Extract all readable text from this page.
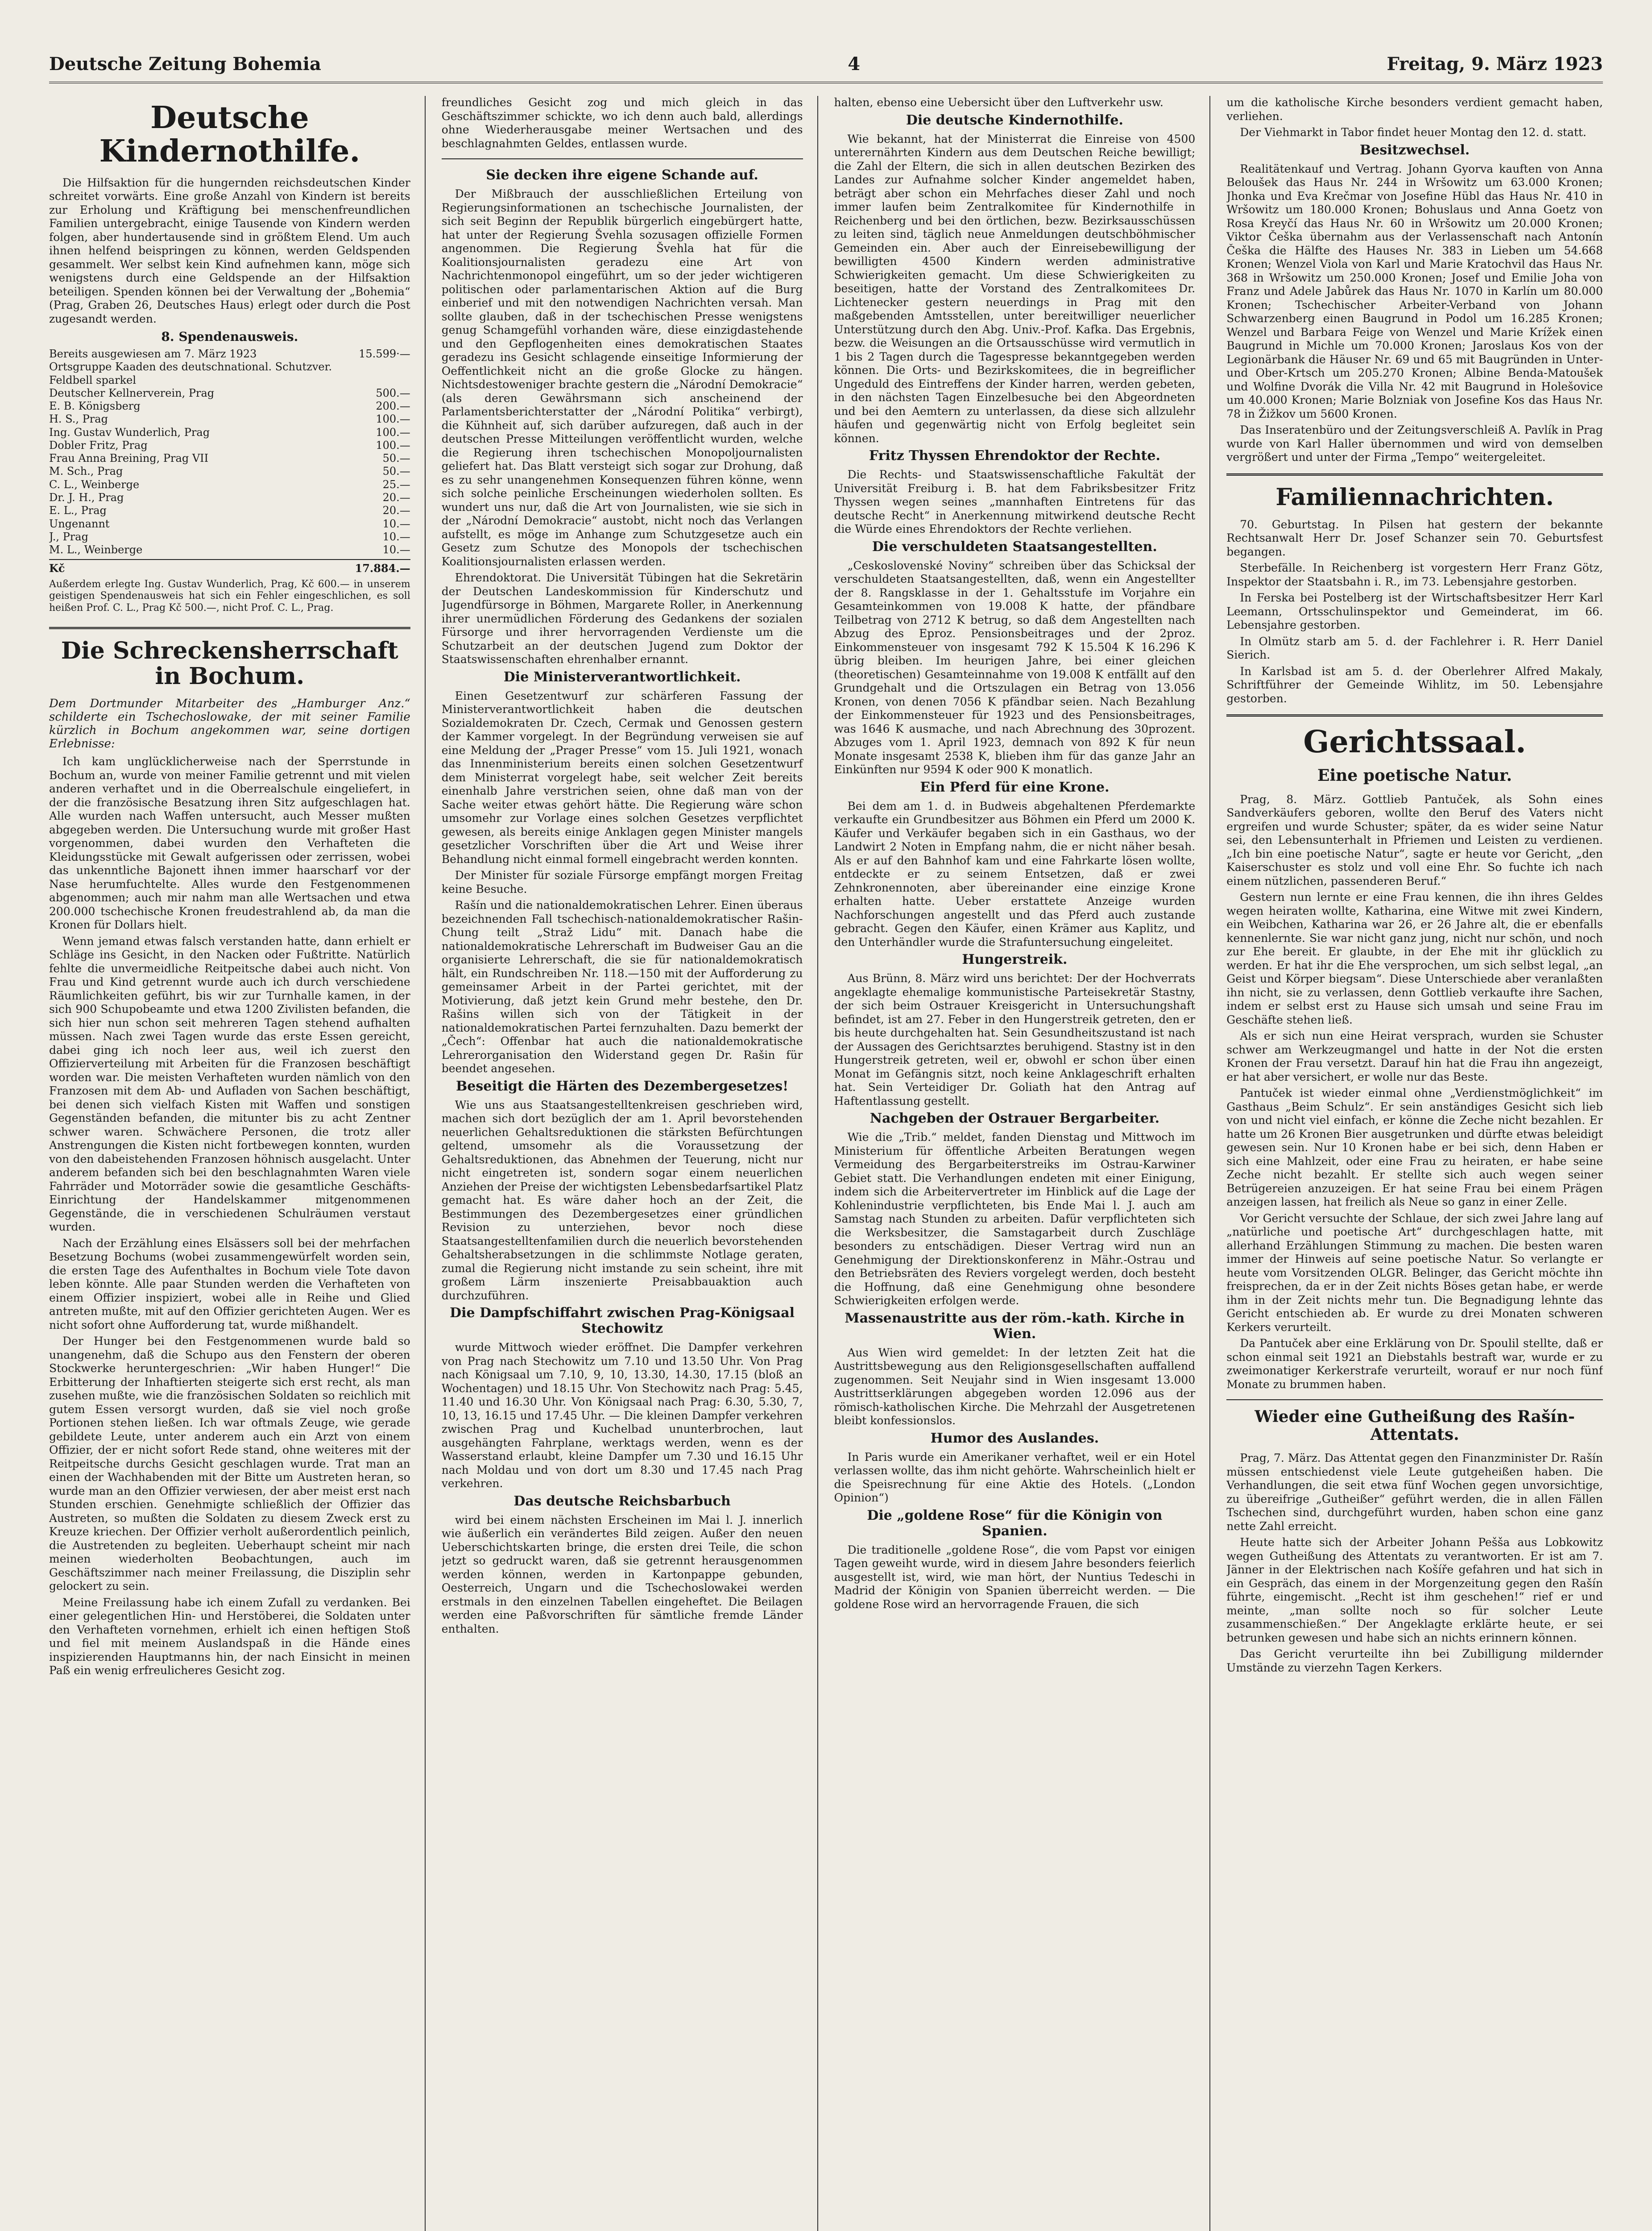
Deutsche Zeitung Bohemia	4	Freitag, 9. März 1923
Deutsche Kindernothilfe.

Die Hilfsaktion für die hungernden reichsdeutschen Kinder schreitet vorwärts. Eine große Anzahl von Kindern ist bereits zur Erholung und Kräftigung bei menschenfreundlichen Familien untergebracht, einige Tausende von Kindern werden folgen, aber hundertausende sind in größtem Elend. Um auch ihnen helfend beispringen zu können, werden Geldspenden gesammelt. Wer selbst kein Kind aufnehmen kann, möge sich wenigstens durch eine Geldspende an der Hilfsaktion beteiligen. Spenden können bei der Verwaltung der „Bohemia“ (Prag, Graben 26, Deutsches Haus) erlegt oder durch die Post zugesandt werden.

8. Spendenausweis.
Bereits ausgewiesen am 7. März 1923	15.599·—
Ortsgruppe Kaaden des deutschnational. Schutzver.
Feldbell sparkel
Deutscher Kellnerverein, Prag	500.—
E. B. Königsberg	200.—
H. S., Prag	100.—
Ing. Gustav Wunderlich, Prag	100.—
Dobler Fritz, Prag	100.—
Frau Anna Breining, Prag VII	50.—
M. Sch., Prag	50.—
C. L., Weinberge	25.—
Dr. J. H., Prag	20.—
E. L., Prag	20.—
Ungenannt	10.—
J., Prag	10.—
M. L., Weinberge	10.—
Kč	17.884.—

Außerdem erlegte Ing. Gustav Wunderlich, Prag, Kč 600.— in unserem geistigen Spendenausweis hat sich ein Fehler eingeschlichen, es soll heißen Prof. C. L., Prag Kč 500.—, nicht Prof. C. L., Prag.

Die Schreckensherrschaft in Bochum.
Dem Dortmunder Mitarbeiter des „Hamburger Anz.“ schilderte ein Tschechoslowake, der mit seiner Familie kürzlich in Bochum angekommen war, seine dortigen Erlebnisse:

Ich kam unglücklicherweise nach der Sperrstunde in Bochum an, wurde von meiner Familie getrennt und mit vielen anderen verhaftet und in die Oberrealschule eingeliefert, in der die französische Besatzung ihren Sitz aufgeschlagen hat. Alle wurden nach Waffen untersucht, auch Messer mußten abgegeben werden. Die Untersuchung wurde mit großer Hast vorgenommen, dabei wurden den Verhafteten die Kleidungsstücke mit Gewalt aufgerissen oder zerrissen, wobei das unkenntliche Bajonett ihnen immer haarscharf vor der Nase herumfuchtelte. Alles wurde den Festgenommenen abgenommen; auch mir nahm man alle Wertsachen und etwa 200.000 tschechische Kronen freudestrahlend ab, da man die Kronen für Dollars hielt.

Wenn jemand etwas falsch verstanden hatte, dann erhielt er Schläge ins Gesicht, in den Nacken oder Fußtritte. Natürlich fehlte die unvermeidliche Reitpeitsche dabei auch nicht. Von Frau und Kind getrennt wurde auch ich durch verschiedene Räumlichkeiten geführt, bis wir zur Turnhalle kamen, in der sich 900 Schupobeamte und etwa 1200 Zivilisten befanden, die sich hier nun schon seit mehreren Tagen stehend aufhalten müssen. Nach zwei Tagen wurde das erste Essen gereicht, dabei ging ich noch leer aus, weil ich zuerst den Offizierverteilung mit Arbeiten für die Franzosen beschäftigt worden war. Die meisten Verhafteten wurden nämlich von den Franzosen mit dem Ab- und Aufladen von Sachen beschäftigt, bei denen sich vielfach Kisten mit Waffen und sonstigen Gegenständen befanden, die mitunter bis zu acht Zentner schwer waren. Schwächere Personen, die trotz aller Anstrengungen die Kisten nicht fortbewegen konnten, wurden von den dabeistehenden Franzosen höhnisch ausgelacht. Unter anderem befanden sich bei den beschlagnahmten Waren viele Fahrräder und Motorräder sowie die gesamtliche Geschäfts-Einrichtung der Handelskammer mitgenommenen Gegenstände, die in verschiedenen Schulräumen verstaut wurden.

Nach der Erzählung eines Elsässers soll bei der mehrfachen Besetzung Bochums (wobei zusammengewürfelt worden sein, die ersten Tage des Aufenthaltes in Bochum viele Tote davon leben könnte. Alle paar Stunden werden die Verhafteten von einem Offizier inspiziert, wobei alle in Reihe und Glied antreten mußte, mit auf den Offizier gerichteten Augen. Wer es nicht sofort ohne Aufforderung tat, wurde mißhandelt.

Der Hunger bei den Festgenommenen wurde bald so unangenehm, daß die Schupo aus den Fenstern der oberen Stockwerke heruntergeschrien: „Wir haben Hunger!“ Die Erbitterung der Inhaftierten steigerte sich erst recht, als man zusehen mußte, wie die französischen Soldaten so reichlich mit gutem Essen versorgt wurden, daß sie viel noch große Portionen stehen ließen. Ich war oftmals Zeuge, wie gerade gebildete Leute, unter anderem auch ein Arzt von einem Offizier, der er nicht sofort Rede stand, ohne weiteres mit der Reitpeitsche durchs Gesicht geschlagen wurde. Trat man an einen der Wachhabenden mit der Bitte um Austreten heran, so wurde man an den Offizier verwiesen, der aber meist erst nach Stunden erschien. Genehmigte schließlich der Offizier das Austreten, so mußten die Soldaten zu diesem Zweck erst zu Kreuze kriechen. Der Offizier verholt außerordentlich peinlich, die Austretenden zu begleiten. Ueberhaupt scheint mir nach meinen wiederholten Beobachtungen, auch im Geschäftszimmer nach meiner Freilassung, die Disziplin sehr gelockert zu sein.

Meine Freilassung habe ich einem Zufall zu verdanken. Bei einer gelegentlichen Hin- und Herstöberei, die Soldaten unter den Verhafteten vornehmen, erhielt ich einen heftigen Stoß und fiel mit meinem Auslandspaß in die Hände eines inspizierenden Hauptmanns hin, der nach Einsicht in meinen Paß ein wenig erfreulicheres Gesicht zog.

freundliches Gesicht zog und mich gleich in das Geschäftszimmer schickte, wo ich denn auch bald, allerdings ohne Wiederherausgabe meiner Wertsachen und des beschlagnahmten Geldes, entlassen wurde.

Sie decken ihre eigene Schande auf.

Der Mißbrauch der ausschließlichen Erteilung von Regierungsinformationen an tschechische Journalisten, der sich seit Beginn der Republik bürgerlich eingebürgert hatte, hat unter der Regierung Švehla sozusagen offizielle Formen angenommen. Die Regierung Švehla hat für die Koalitionsjournalisten geradezu eine Art von Nachrichtenmonopol eingeführt, um so der jeder wichtigeren politischen oder parlamentarischen Aktion auf die Burg einberief und mit den notwendigen Nachrichten versah. Man sollte glauben, daß in der tschechischen Presse wenigstens genug Schamgefühl vorhanden wäre, diese einzigdastehende und den Gepflogenheiten eines demokratischen Staates geradezu ins Gesicht schlagende einseitige Informierung der Oeffentlichkeit nicht an die große Glocke zu hängen. Nichtsdestoweniger brachte gestern die „Národní Demokracie“ (als deren Gewährsmann sich anscheinend der Parlamentsberichterstatter der „Národní Politika“ verbirgt), die Kühnheit auf, sich darüber aufzuregen, daß auch in der deutschen Presse Mitteilungen veröffentlicht wurden, welche die Regierung ihren tschechischen Monopoljournalisten geliefert hat. Das Blatt versteigt sich sogar zur Drohung, daß es zu sehr unangenehmen Konsequenzen führen könne, wenn sich solche peinliche Erscheinungen wiederholen sollten. Es wundert uns nur, daß die Art von Journalisten, wie sie sich in der „Národní Demokracie“ austobt, nicht noch das Verlangen aufstellt, es möge im Anhange zum Schutzgesetze auch ein Gesetz zum Schutze des Monopols der tschechischen Koalitionsjournalisten erlassen werden.

Ehrendoktorat. Die Universität Tübingen hat die Sekretärin der Deutschen Landeskommission für Kinderschutz und Jugendfürsorge in Böhmen, Margarete Roller, in Anerkennung ihrer unermüdlichen Förderung des Gedankens der sozialen Fürsorge und ihrer hervorragenden Verdienste um die Schutzarbeit an der deutschen Jugend zum Doktor der Staatswissenschaften ehrenhalber ernannt.

Die Ministerverantwortlichkeit.

Einen Gesetzentwurf zur schärferen Fassung der Ministerverantwortlichkeit haben die deutschen Sozialdemokraten Dr. Czech, Cermak und Genossen gestern der Kammer vorgelegt. In der Begründung verweisen sie auf eine Meldung der „Prager Presse“ vom 15. Juli 1921, wonach das Innenministerium bereits einen solchen Gesetzentwurf dem Ministerrat vorgelegt habe, seit welcher Zeit bereits einenhalb Jahre verstrichen seien, ohne daß man von der Sache weiter etwas gehört hätte. Die Regierung wäre schon umsomehr zur Vorlage eines solchen Gesetzes verpflichtet gewesen, als bereits einige Anklagen gegen Minister mangels gesetzlicher Vorschriften über die Art und Weise ihrer Behandlung nicht einmal formell eingebracht werden konnten.

Der Minister für soziale Fürsorge empfängt morgen Freitag keine Besuche.

Rašín und die nationaldemokratischen Lehrer. Einen überaus bezeichnenden Fall tschechisch-nationaldemokratischer Rašin-Chung teilt „Straž Lidu“ mit. Danach habe die nationaldemokratische Lehrerschaft im Budweiser Gau an die organisierte Lehrerschaft, die sie für nationaldemokratisch hält, ein Rundschreiben Nr. 118.—150 mit der Aufforderung zu gemeinsamer Arbeit in der Partei gerichtet, mit der Motivierung, daß jetzt kein Grund mehr bestehe, den Dr. Rašins willen sich von der Tätigkeit in der nationaldemokratischen Partei fernzuhalten. Dazu bemerkt der „Čech“: Offenbar hat auch die nationaldemokratische Lehrerorganisation den Widerstand gegen Dr. Rašin für beendet angesehen.

Beseitigt die Härten des Dezembergesetzes!

Wie uns aus Staatsangestelltenkreisen geschrieben wird, machen sich dort bezüglich der am 1. April bevorstehenden neuerlichen Gehaltsreduktionen die stärksten Befürchtungen geltend, umsomehr als die Voraussetzung der Gehaltsreduktionen, das Abnehmen der Teuerung, nicht nur nicht eingetreten ist, sondern sogar einem neuerlichen Anziehen der Preise der wichtigsten Lebensbedarfsartikel Platz gemacht hat. Es wäre daher hoch an der Zeit, die Bestimmungen des Dezembergesetzes einer gründlichen Revision zu unterziehen, bevor noch diese Staatsangestelltenfamilien durch die neuerlich bevorstehenden Gehaltsherabsetzungen in die schlimmste Notlage geraten, zumal die Regierung nicht imstande zu sein scheint, ihre mit großem Lärm inszenierte Preisabbauaktion auch durchzuführen.

Die Dampfschiffahrt zwischen Prag-Königsaal Stechowitz

wurde Mittwoch wieder eröffnet. Die Dampfer verkehren von Prag nach Stechowitz um 7.10 und 13.50 Uhr. Von Prag nach Königsaal um 7.10, 9, 10, 13.30, 14.30, 17.15 (bloß an Wochentagen) und 18.15 Uhr. Von Stechowitz nach Prag: 5.45, 11.40 und 16.30 Uhr. Von Königsaal nach Prag: 6.30, 5.30, 7, 10, 13, 16.15 und 17.45 Uhr. — Die kleinen Dampfer verkehren zwischen Prag und Kuchelbad ununterbrochen, laut ausgehängten Fahrplane, werktags werden, wenn es der Wasserstand erlaubt, kleine Dampfer um 7.30 und 16.15 Uhr nach Moldau und von dort um 8.30 und 17.45 nach Prag verkehren.

Das deutsche Reichsbarbuch

wird bei einem nächsten Erscheinen im Mai l. J. innerlich wie äußerlich ein verändertes Bild zeigen. Außer den neuen Ueberschichtskarten bringe, die ersten drei Teile, die schon jetzt so gedruckt waren, daß sie getrennt herausgenommen werden können, werden in Kartonpappe gebunden, Oesterreich, Ungarn und die Tschechoslowakei werden erstmals in den einzelnen Tabellen eingeheftet. Die Beilagen werden eine Paßvorschriften für sämtliche fremde Länder enthalten.

halten, ebenso eine Uebersicht über den Luftverkehr usw.

Die deutsche Kindernothilfe.

Wie bekannt, hat der Ministerrat die Einreise von 4500 unterernährten Kindern aus dem Deutschen Reiche bewilligt; die Zahl der Eltern, die sich in allen deutschen Bezirken des Landes zur Aufnahme solcher Kinder angemeldet haben, beträgt aber schon ein Mehrfaches dieser Zahl und noch immer laufen beim Zentralkomitee für Kindernothilfe in Reichenberg und bei den örtlichen, bezw. Bezirksausschüssen zu leiten sind, täglich neue Anmeldungen deutschböhmischer Gemeinden ein. Aber auch der Einreisebewilligung der bewilligten 4500 Kindern werden administrative Schwierigkeiten gemacht. Um diese Schwierigkeiten zu beseitigen, hatte der Vorstand des Zentralkomitees Dr. Lichtenecker gestern neuerdings in Prag mit den maßgebenden Amtsstellen, unter bereitwilliger neuerlicher Unterstützung durch den Abg. Univ.-Prof. Kafka. Das Ergebnis, bezw. die Weisungen an die Ortsausschüsse wird vermutlich in 1 bis 2 Tagen durch die Tagespresse bekanntgegeben werden können. Die Orts- und Bezirkskomitees, die in begreiflicher Ungeduld des Eintreffens der Kinder harren, werden gebeten, in den nächsten Tagen Einzelbesuche bei den Abgeordneten und bei den Aemtern zu unterlassen, da diese sich allzulehr häufen und gegenwärtig nicht von Erfolg begleitet sein können.

Fritz Thyssen Ehrendoktor der Rechte.

Die Rechts- und Staatswissenschaftliche Fakultät der Universität Freiburg i. B. hat dem Fabriksbesitzer Fritz Thyssen wegen seines „mannhaften Eintretens für das deutsche Recht“ in Anerkennung mitwirkend deutsche Recht die Würde eines Ehrendoktors der Rechte verliehen.

Die verschuldeten Staatsangestellten.

„Ceskoslovenské Noviny“ schreiben über das Schicksal der verschuldeten Staatsangestellten, daß, wenn ein Angestellter der 8. Rangsklasse in der 1. Gehaltsstufe im Vorjahre ein Gesamteinkommen von 19.008 K hatte, der pfändbare Teilbetrag von 2712 K betrug, so daß dem Angestellten nach Abzug des Eproz. Pensionsbeitrages und der 2proz. Einkommensteuer von insgesamt 792 K 15.504 K 16.296 K übrig bleiben. Im heurigen Jahre, bei einer gleichen (theoretischen) Gesamteinnahme von 19.008 K entfällt auf den Grundgehalt und die Ortszulagen ein Betrag von 13.056 Kronen, von denen 7056 K pfändbar seien. Nach Bezahlung der Einkommensteuer für 1923 und des Pensionsbeitrages, was 1646 K ausmache, und nach Abrechnung des 30prozent. Abzuges vom 1. April 1923, demnach von 892 K für neun Monate insgesamt 2538 K, blieben ihm für das ganze Jahr an Einkünften nur 9594 K oder 900 K monatlich.

Ein Pferd für eine Krone.

Bei dem am 1. d. in Budweis abgehaltenen Pferdemarkte verkaufte ein Grundbesitzer aus Böhmen ein Pferd um 2000 K. Käufer und Verkäufer begaben sich in ein Gasthaus, wo der Landwirt 2 Noten in Empfang nahm, die er nicht näher besah. Als er auf den Bahnhof kam und eine Fahrkarte lösen wollte, entdeckte er zu seinem Entsetzen, daß er zwei Zehnkronennoten, aber übereinander eine einzige Krone erhalten hatte. Ueber erstattete Anzeige wurden Nachforschungen angestellt und das Pferd auch zustande gebracht. Gegen den Käufer, einen Krämer aus Kaplitz, und den Unterhändler wurde die Strafuntersuchung eingeleitet.

Hungerstreik.

Aus Brünn, 8. März wird uns berichtet: Der der Hochverrats angeklagte ehemalige kommunistische Parteisekretär Stastny, der sich beim Ostrauer Kreisgericht in Untersuchungshaft befindet, ist am 27. Feber in den Hungerstreik getreten, den er bis heute durchgehalten hat. Sein Gesundheitszustand ist nach der Aussagen des Gerichtsarztes beruhigend. Stastny ist in den Hungerstreik getreten, weil er, obwohl er schon über einen Monat im Gefängnis sitzt, noch keine Anklageschrift erhalten hat. Sein Verteidiger Dr. Goliath hat den Antrag auf Haftentlassung gestellt.

Nachgeben der Ostrauer Bergarbeiter.

Wie die „Trib.“ meldet, fanden Dienstag und Mittwoch im Ministerium für öffentliche Arbeiten Beratungen wegen Vermeidung des Bergarbeiterstreiks im Ostrau-Karwiner Gebiet statt. Die Verhandlungen endeten mit einer Einigung, indem sich die Arbeitervertreter im Hinblick auf die Lage der Kohlenindustrie verpflichteten, bis Ende Mai l. J. auch am Samstag nach Stunden zu arbeiten. Dafür verpflichteten sich die Werksbesitzer, die Samstagarbeit durch Zuschläge besonders zu entschädigen. Dieser Vertrag wird nun an Genehmigung der Direktionskonferenz in Mähr.-Ostrau und den Betriebsräten des Reviers vorgelegt werden, doch besteht die Hoffnung, daß eine Genehmigung ohne besondere Schwierigkeiten erfolgen werde.

Massenaustritte aus der röm.-kath. Kirche in Wien.

Aus Wien wird gemeldet: In der letzten Zeit hat die Austrittsbewegung aus den Religionsgesellschaften auffallend zugenommen. Seit Neujahr sind in Wien insgesamt 13.000 Austrittserklärungen abgegeben worden 12.096 aus der römisch-katholischen Kirche. Die Mehrzahl der Ausgetretenen bleibt konfessionslos.

Humor des Auslandes.

In Paris wurde ein Amerikaner verhaftet, weil er ein Hotel verlassen wollte, das ihm nicht gehörte. Wahrscheinlich hielt er die Speisrechnung für eine Aktie des Hotels. („London Opinion“)

Die „goldene Rose“ für die Königin von Spanien.

Die traditionelle „goldene Rose“, die vom Papst vor einigen Tagen geweiht wurde, wird in diesem Jahre besonders feierlich ausgestellt ist, wird, wie man hört, der Nuntius Tedeschi in Madrid der Königin von Spanien überreicht werden. — Die goldene Rose wird an hervorragende Frauen, die sich

um die katholische Kirche besonders verdient gemacht haben, verliehen.

Der Viehmarkt in Tabor findet heuer Montag den 12. d. statt.

Besitzwechsel.

Realitätenkauf und Vertrag. Johann Gyorva kauften von Anna Beloušek das Haus Nr. 244 in Wršowitz um 63.000 Kronen; Jhonka und Eva Krečmar von Josefine Hübl das Haus Nr. 410 in Wršowitz um 180.000 Kronen; Bohuslaus und Anna Goetz von Rosa Kreyčí das Haus Nr. 60 in Wršowitz um 20.000 Kronen; Viktor Češka übernahm aus der Verlassenschaft nach Antonín Češka die Hälfte des Hauses Nr. 383 in Lieben um 54.668 Kronen; Wenzel Viola von Karl und Marie Kratochvil das Haus Nr. 368 in Wršowitz um 250.000 Kronen; Josef und Emilie Joha von Franz und Adele Jabůrek das Haus Nr. 1070 in Karlín um 80.000 Kronen; Tschechischer Arbeiter-Verband von Johann Schwarzenberg einen Baugrund in Podol um 16.285 Kronen; Wenzel und Barbara Feige von Wenzel und Marie Krížek einen Baugrund in Michle um 70.000 Kronen; Jaroslaus Kos von der Legionärbank die Häuser Nr. 69 und 65 mit Baugründen in Unter- und Ober-Krtsch um 205.270 Kronen; Albine Benda-Matoušek und Wolfine Dvorák die Villa Nr. 42 mit Baugrund in Holešovice um 40.000 Kronen; Marie Bolzniak von Josefine Kos das Haus Nr. 78 in Žižkov um 5600 Kronen.

Das Inseratenbüro und der Zeitungsverschleiß A. Pavlík in Prag wurde von Karl Haller übernommen und wird von demselben vergrößert und unter der Firma „Tempo“ weitergeleitet.

Familiennachrichten.

70. Geburtstag. In Pilsen hat gestern der bekannte Rechtsanwalt Herr Dr. Josef Schanzer sein 70. Geburtsfest begangen.

Sterbefälle. In Reichenberg ist vorgestern Herr Franz Götz, Inspektor der Staatsbahn i. R., im 73. Lebensjahre gestorben.

In Ferska bei Postelberg ist der Wirtschaftsbesitzer Herr Karl Leemann, Ortsschulinspektor und Gemeinderat, im 66. Lebensjahre gestorben.

In Olmütz starb am 5. d. der Fachlehrer i. R. Herr Daniel Sierich.

In Karlsbad ist am 5. d. der Oberlehrer Alfred Makaly, Schriftführer der Gemeinde Wihlitz, im 50. Lebensjahre gestorben.

Gerichtssaal.
Eine poetische Natur.

Prag, 8. März. Gottlieb Pantuček, als Sohn eines Sandverkäufers geboren, wollte den Beruf des Vaters nicht ergreifen und wurde Schuster; später, da es wider seine Natur sei, den Lebensunterhalt in Pfriemen und Leisten zu verdienen. „Ich bin eine poetische Natur“, sagte er heute vor Gericht, „den Kaiserschuster es stolz und voll eine Ehr. So fuchte ich nach einem nützlichen, passenderen Beruf.“

Gestern nun lernte er eine Frau kennen, die ihn ihres Geldes wegen heiraten wollte, Katharina, eine Witwe mit zwei Kindern, ein Weibchen, Katharina war 26, er 26 Jahre alt, die er ebenfalls kennenlernte. Sie war nicht ganz jung, nicht nur schön, und noch zur Ehe bereit. Er glaubte, in der Ehe mit ihr glücklich zu werden. Er hat ihr die Ehe versprochen, um sich selbst legal, „an Geist und Körper biegsam“. Diese Unterschiede aber veranlaßten ihn nicht, sie zu verlassen, denn Gottlieb verkaufte ihre Sachen, indem er selbst erst zu Hause sich umsah und seine Frau im Geschäfte stehen ließ.

Als er sich nun eine Heirat versprach, wurden sie Schuster schwer am Werkzeugmangel und hatte in der Not die ersten Kronen der Frau versetzt. Darauf hin hat die Frau ihn angezeigt, er hat aber versichert, er wolle nur das Beste.

Pantuček ist wieder einmal ohne „Verdienstmöglichkeit“ im Gasthaus „Beim Schulz“. Er sein anständiges Gesicht sich lieb von und nicht viel einfach, er könne die Zeche nicht bezahlen. Er hatte um 26 Kronen Bier ausgetrunken und dürfte etwas beleidigt gewesen sein. Nur 10 Kronen habe er bei sich, denn Haben er sich eine Mahlzeit, oder eine Frau zu heiraten, er habe seine Zeche nicht bezahlt. Er stellte sich auch wegen seiner Betrügereien anzuzeigen. Er hat seine Frau bei einem Prägen anzeigen lassen, hat freilich als Neue so ganz in einer Zelle.

Vor Gericht versuchte der Schlaue, der sich zwei Jahre lang auf „natürliche und poetische Art“ durchgeschlagen hatte, mit allerhand Erzählungen Stimmung zu machen. Die besten waren immer der Hinweis auf seine poetische Natur. So verlangte er heute vom Vorsitzenden OLGR. Belinger, das Gericht möchte ihn freisprechen, da er in der Zeit nichts Böses getan habe, er werde ihm in der Zeit nichts mehr tun. Die Begnadigung lehnte das Gericht entschieden ab. Er wurde zu drei Monaten schweren Kerkers verurteilt.

Da Pantuček aber eine Erklärung von Dr. Spoulil stellte, daß er schon einmal seit 1921 an Diebstahls bestraft war, wurde er zu zweimonatiger Kerkerstrafe verurteilt, worauf er nur noch fünf Monate zu brummen haben.

Wieder eine Gutheißung des Rašín-Attentats.

Prag, 7. März. Das Attentat gegen den Finanzminister Dr. Rašín müssen entschiedenst viele Leute gutgeheißen haben. Die Verhandlungen, die seit etwa fünf Wochen gegen unvorsichtige, zu übereifrige „Gutheißer“ geführt werden, die in allen Fällen Tschechen sind, durchgeführt wurden, haben schon eine ganz nette Zahl erreicht.

Heute hatte sich der Arbeiter Johann Pešša aus Lobkowitz wegen Gutheißung des Attentats zu verantworten. Er ist am 7. Jänner in der Elektrischen nach Košíře gefahren und hat sich in ein Gespräch, das einem in der Morgenzeitung gegen den Rašín führte, eingemischt. „Recht ist ihm geschehen!“ rief er und meinte, „man sollte noch so für solcher Leute zusammenschießen.“ Der Angeklagte erklärte heute, er sei betrunken gewesen und habe sich an nichts erinnern können.

Das Gericht verurteilte ihn bei Zubilligung mildernder Umstände zu vierzehn Tagen Kerkers.
